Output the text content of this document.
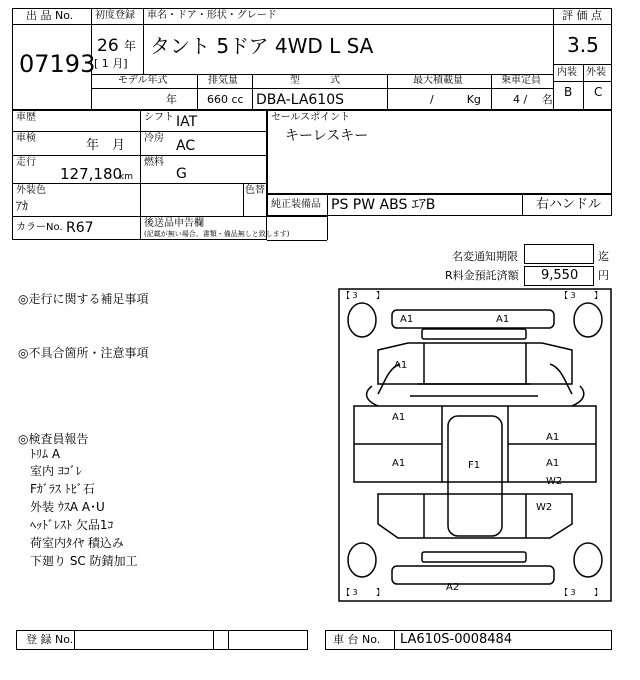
出 品 No.
07193
初度登録
26 年
[ 1 月]
車名・ドア・形状・グレード
タント 5ドア 4WD L SA
評 価 点
3.5
内装 外装
B C
モデル年式	排気量	型　　　式	最大積載量	乗車定員
年	660 cc DBA-LA610S	/　　　Kg	4 /　 名
車歴	シフト IAT
車検	年　月 冷房 AC
走行
127,180
km
燃料
G
外装色
ｱｶ
色替
カラーNo. R67	後送品申告欄
(記載が無い場合、書類・備品無しと致します)
セールスポイント
キーレスキー
純正装備品 PS PW ABS ｴｱB	右ハンドル
名変通知期限	迄
R料金預託済額 9,550 円
◎走行に関する補足事項
◎不具合箇所・注意事項
◎検査員報告
ﾄﾘﾑ A
室内 ﾖｺﾞﾚ
Fｶﾞﾗｽ ﾄﾋﾞ石
外装 ｳｽA A･U
ﾍｯﾄﾞﾚｽﾄ 欠品1ｺ
荷室内ﾀｲﾔ 積込み
下廻り SC 防錆加工
【 3 　　】	【 3 　　】
【 3 　　】	【 3 　　】
A1	A1
A1
A1
A1
A1	A1
W2
W2
F1
A2
登 録 No.	車 台 No. LA610S-0008484
